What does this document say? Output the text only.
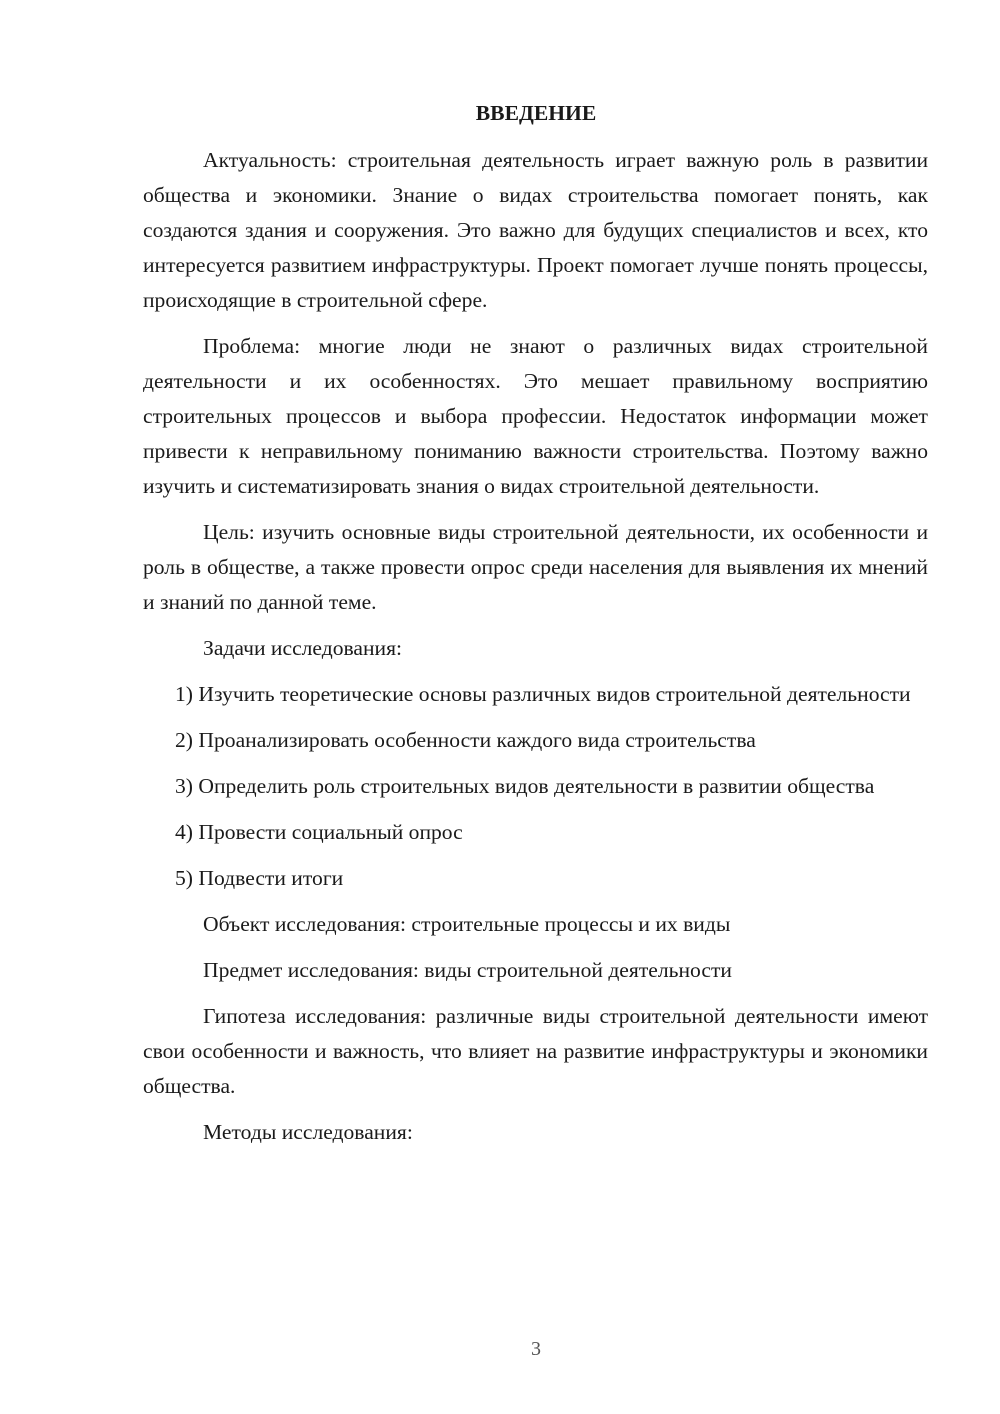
ВВЕДЕНИЕ

Актуальность: строительная деятельность играет важную роль в развитии общества и экономики. Знание о видах строительства помогает понять, как создаются здания и сооружения. Это важно для будущих специалистов и всех, кто интересуется развитием инфраструктуры. Проект помогает лучше понять процессы, происходящие в строительной сфере.

Проблема: многие люди не знают о различных видах строительной деятельности и их особенностях. Это мешает правильному восприятию строительных процессов и выбора профессии. Недостаток информации может привести к неправильному пониманию важности строительства. Поэтому важно изучить и систематизировать знания о видах строительной деятельности.

Цель: изучить основные виды строительной деятельности, их особенности и роль в обществе, а также провести опрос среди населения для выявления их мнений и знаний по данной теме.

Задачи исследования:

1) Изучить теоретические основы различных видов строительной деятельности

2) Проанализировать особенности каждого вида строительства

3) Определить роль строительных видов деятельности в развитии общества

4) Провести социальный опрос

5) Подвести итоги

Объект исследования: строительные процессы и их виды

Предмет исследования: виды строительной деятельности

Гипотеза исследования: различные виды строительной деятельности имеют свои особенности и важность, что влияет на развитие инфраструктуры и экономики общества.

Методы исследования:

3
